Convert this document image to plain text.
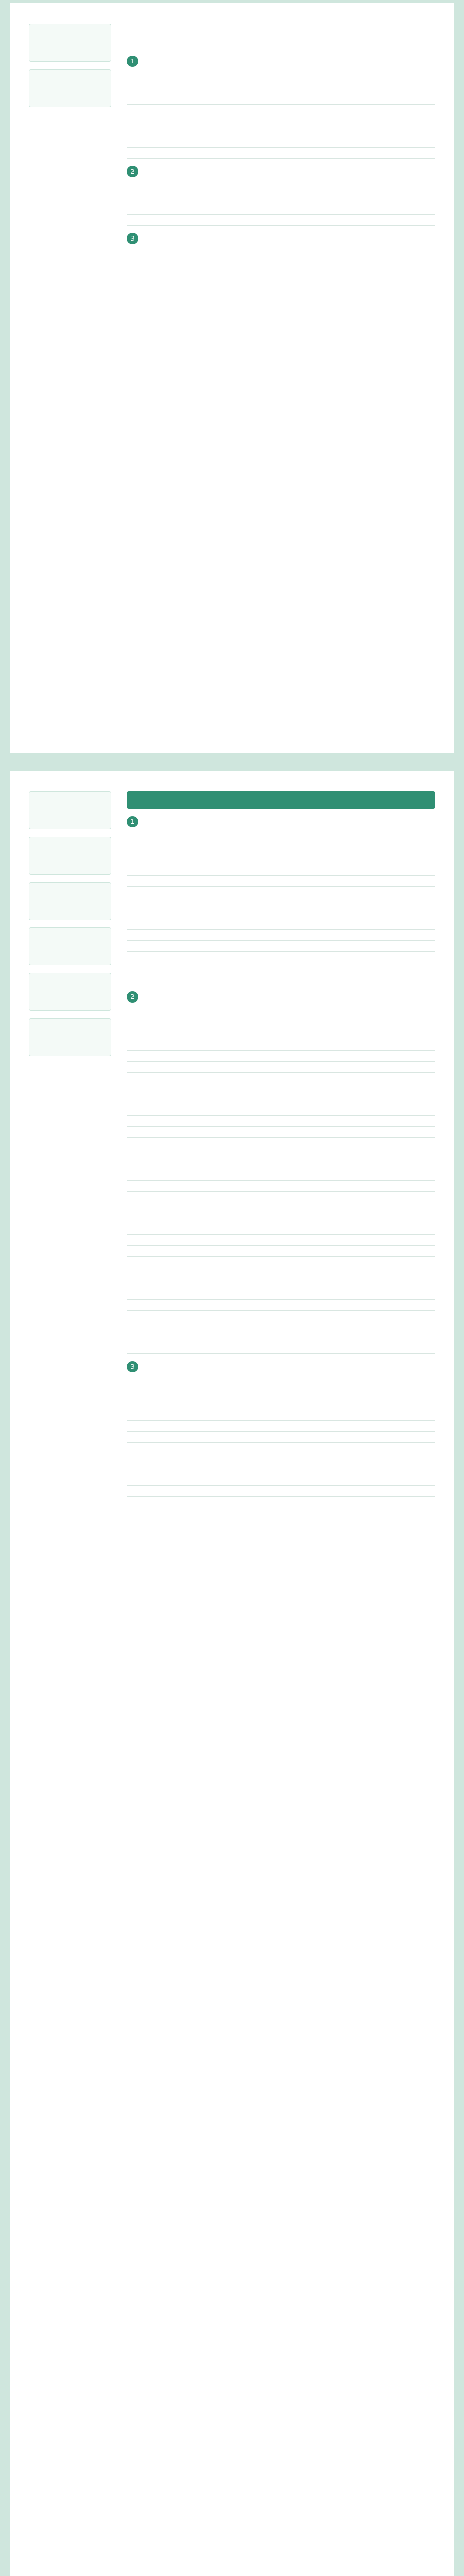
1

2

3
1

2

3
